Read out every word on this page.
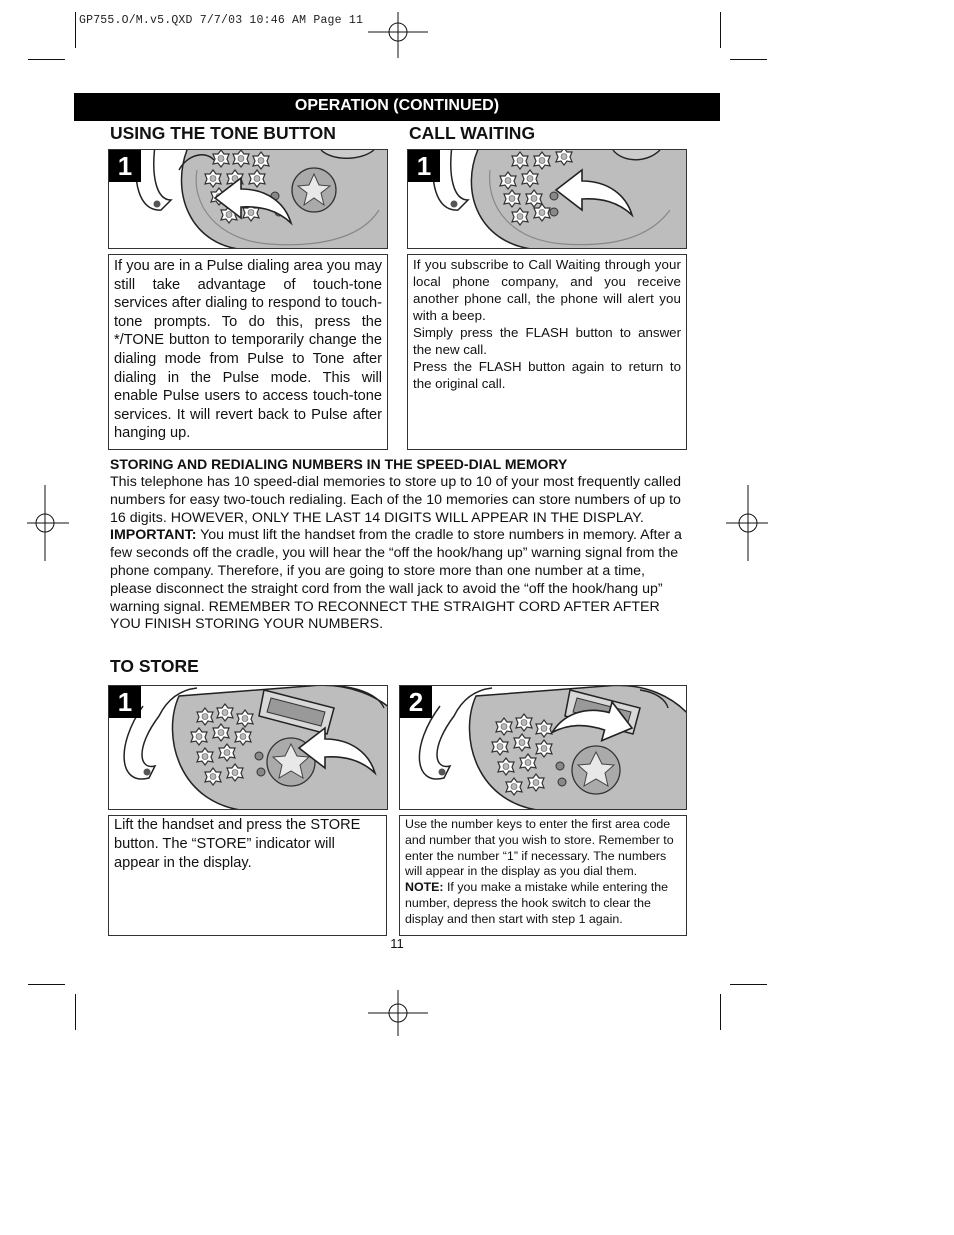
GP755.O/M.v5.QXD 7/7/03 10:46 AM Page 11
OPERATION (CONTINUED)
USING THE TONE BUTTON	CALL WAITING
1	1

If you are in a Pulse dialing area you may still take advantage of touch-tone services after dialing to respond to touch-tone prompts. To do this, press the */TONE button to temporarily change the dialing mode from Pulse to Tone after dialing in the Pulse mode. This will enable Pulse users to access touch-tone services. It will revert back to Pulse after hanging up.

If you subscribe to Call Waiting through your local phone company, and you receive another phone call, the phone will alert you with a beep.

Simply press the FLASH button to answer the new call.

Press the FLASH button again to return to the original call.

STORING AND REDIALING NUMBERS IN THE SPEED-DIAL MEMORY

This telephone has 10 speed-dial memories to store up to 10 of your most frequently called numbers for easy two-touch redialing. Each of the 10 memories can store numbers of up to 16 digits. HOWEVER, ONLY THE LAST 14 DIGITS WILL APPEAR IN THE DISPLAY.

IMPORTANT: You must lift the handset from the cradle to store numbers in memory. After a few seconds off the cradle, you will hear the “off the hook/hang up” warning signal from the phone company. Therefore, if you are going to store more than one number at a time, please disconnect the straight cord from the wall jack to avoid the “off the hook/hang up” warning signal. REMEMBER TO RECONNECT THE STRAIGHT CORD AFTER AFTER YOU FINISH STORING YOUR NUMBERS.

TO STORE
1	2

Lift the handset and press the STORE button. The “STORE” indicator will appear in the display.

Use the number keys to enter the first area code and number that you wish to store. Remember to enter the number “1” if necessary. The numbers will appear in the display as you dial them.

NOTE: If you make a mistake while entering the number, depress the hook switch to clear the display and then start with step 1 again.

11
